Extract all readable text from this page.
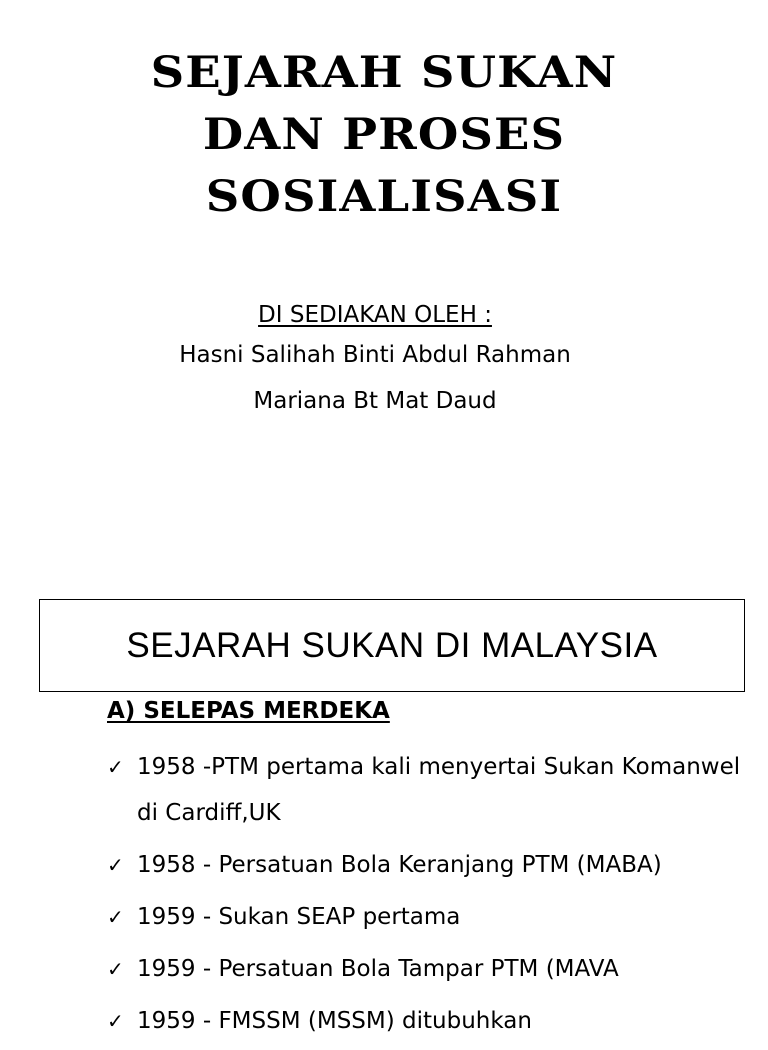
SEJARAH SUKAN
DAN PROSES
SOSIALISASI
DI SEDIAKAN OLEH :
Hasni Salihah Binti Abdul Rahman
Mariana Bt Mat Daud
SEJARAH SUKAN DI MALAYSIA
A) SELEPAS MERDEKA
✓ 1958 -PTM pertama kali menyertai Sukan Komanwel di Cardiff,UK
✓ 1958 - Persatuan Bola Keranjang PTM (MABA)
✓ 1959 - Sukan SEAP pertama
✓ 1959 - Persatuan Bola Tampar PTM (MAVA
✓ 1959 - FMSSM (MSSM) ditubuhkan
